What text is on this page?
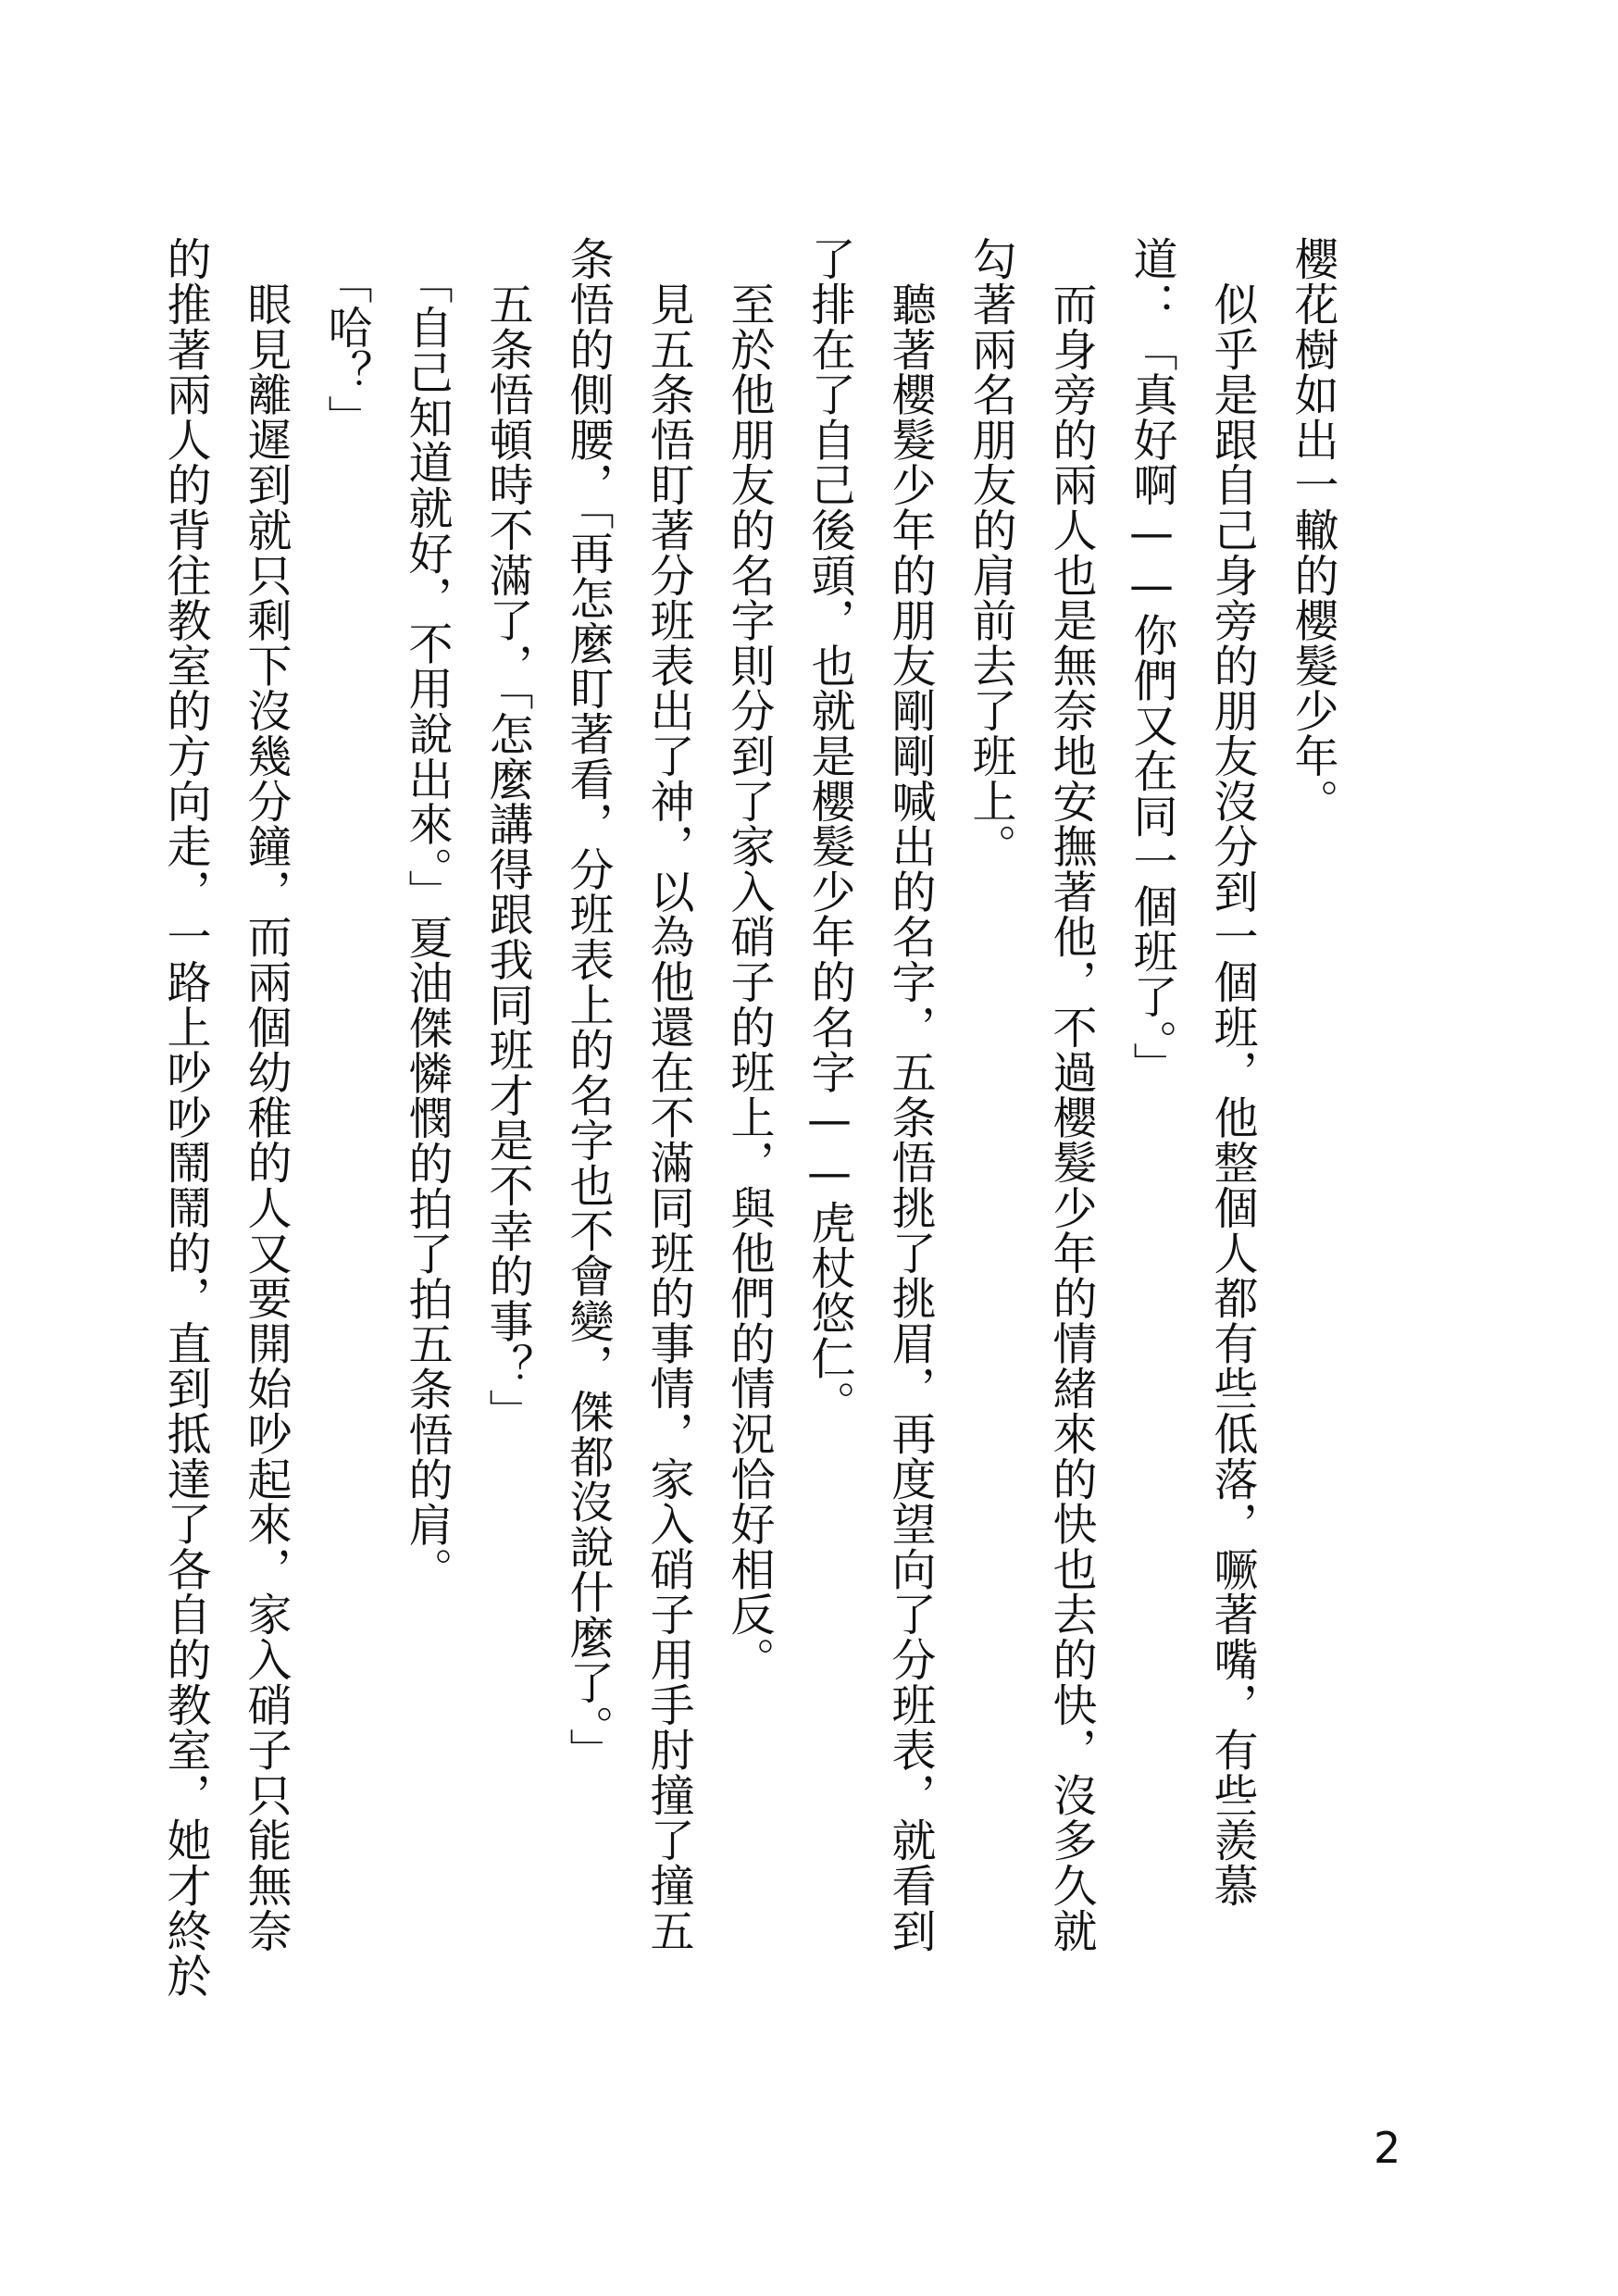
櫻花樹如出一轍的櫻髮少年。
　似乎是跟自己身旁的朋友沒分到一個班，他整個人都有些低落，噘著嘴，有些羨慕
道：「真好啊——你們又在同一個班了。」
　而身旁的兩人也是無奈地安撫著他，不過櫻髮少年的情緒來的快也去的快，沒多久就
勾著兩名朋友的肩前去了班上。
　聽著櫻髮少年的朋友剛剛喊出的名字，五条悟挑了挑眉，再度望向了分班表，就看到
了排在了自己後頭，也就是櫻髮少年的名字——虎杖悠仁。
　至於他朋友的名字則分到了家入硝子的班上，與他們的情況恰好相反。
　見五条悟盯著分班表出了神，以為他還在不滿同班的事情，家入硝子用手肘撞了撞五
条悟的側腰，「再怎麼盯著看，分班表上的名字也不會變，傑都沒說什麼了。」
　五条悟頓時不滿了，「怎麼講得跟我同班才是不幸的事？」
　「自己知道就好，不用說出來。」夏油傑憐憫的拍了拍五条悟的肩。
　「哈？」
　眼見離遲到就只剩下沒幾分鐘，而兩個幼稚的人又要開始吵起來，家入硝子只能無奈
的推著兩人的背往教室的方向走，一路上吵吵鬧鬧的，直到抵達了各自的教室，她才終於
2
